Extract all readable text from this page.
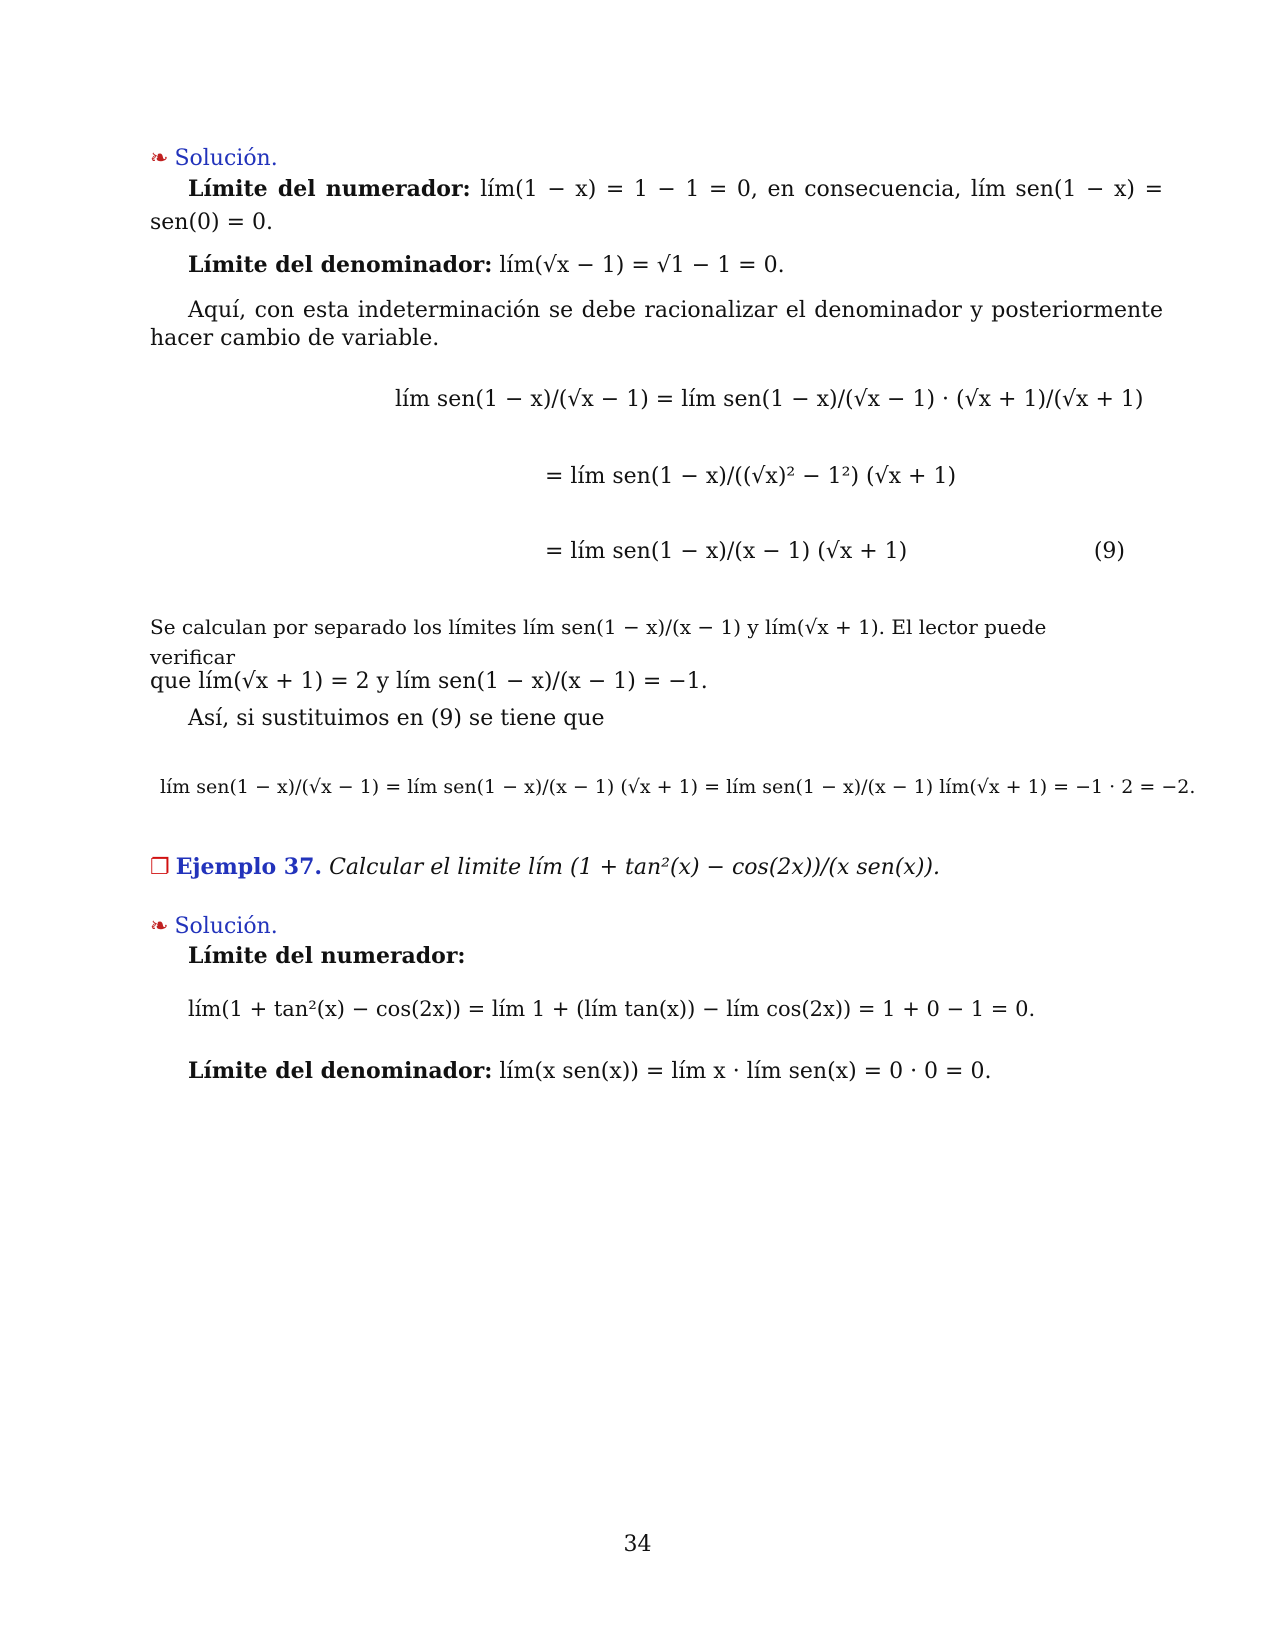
❧ Solución.
Límite del numerador: lím(1 − x) = 1 − 1 = 0, en consecuencia, lím sen(1 − x) =
sen(0) = 0.
Límite del denominador: lím(√x − 1) = √1 − 1 = 0.
Aquí, con esta indeterminación se debe racionalizar el denominador y posteriormente
hacer cambio de variable.
lím sen(1 − x)/(√x − 1) = lím sen(1 − x)/(√x − 1) · (√x + 1)/(√x + 1)
= lím sen(1 − x)/((√x)² − 1²) (√x + 1)
= lím sen(1 − x)/(x − 1) (√x + 1)	(9)
Se calculan por separado los límites lím sen(1 − x)/(x − 1) y lím(√x + 1). El lector puede verificar
que lím(√x + 1) = 2 y lím sen(1 − x)/(x − 1) = −1.
Así, si sustituimos en (9) se tiene que
lím sen(1 − x)/(√x − 1) = lím sen(1 − x)/(x − 1) (√x + 1) = lím sen(1 − x)/(x − 1) lím(√x + 1) = −1 · 2 = −2.
❐ Ejemplo 37. Calcular el limite lím (1 + tan²(x) − cos(2x))/(x sen(x)).
❧ Solución.
Límite del numerador:
lím(1 + tan²(x) − cos(2x)) = lím 1 + (lím tan(x)) − lím cos(2x)) = 1 + 0 − 1 = 0.
Límite del denominador: lím(x sen(x)) = lím x · lím sen(x) = 0 · 0 = 0.
34
